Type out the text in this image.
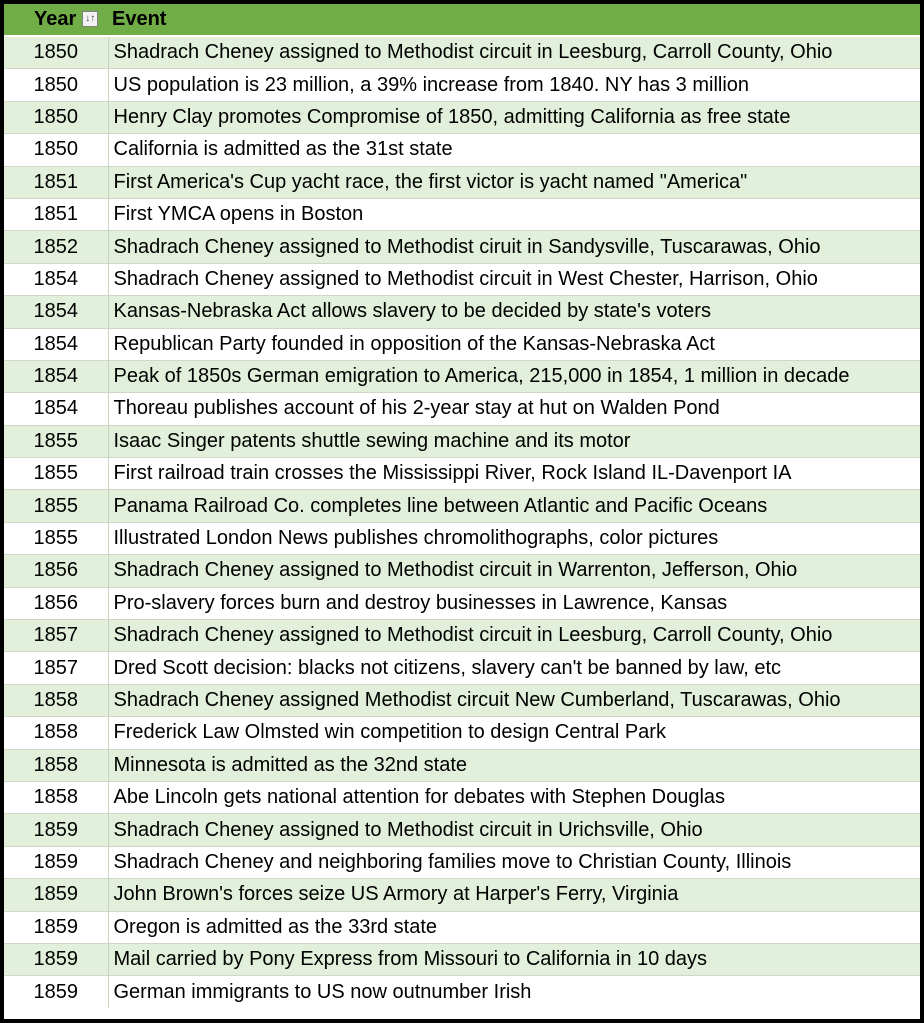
Year ↓↑	Event
1850	Shadrach Cheney assigned to Methodist circuit in Leesburg, Carroll County, Ohio
1850	US population is 23 million, a 39% increase from 1840. NY has 3 million
1850	Henry Clay promotes Compromise of 1850, admitting California as free state
1850	California is admitted as the 31st state
1851	First America's Cup yacht race, the first victor is yacht named "America"
1851	First YMCA opens in Boston
1852	Shadrach Cheney assigned to Methodist ciruit in Sandysville, Tuscarawas, Ohio
1854	Shadrach Cheney assigned to Methodist circuit in West Chester, Harrison, Ohio
1854	Kansas-Nebraska Act allows slavery to be decided by state's voters
1854	Republican Party founded in opposition of the Kansas-Nebraska Act
1854	Peak of 1850s German emigration to America, 215,000 in 1854, 1 million in decade
1854	Thoreau publishes account of his 2-year stay at hut on Walden Pond
1855	Isaac Singer patents shuttle sewing machine and its motor
1855	First railroad train crosses the Mississippi River, Rock Island IL-Davenport IA
1855	Panama Railroad Co. completes line between Atlantic and Pacific Oceans
1855	Illustrated London News publishes chromolithographs, color pictures
1856	Shadrach Cheney assigned to Methodist circuit in Warrenton, Jefferson, Ohio
1856	Pro-slavery forces burn and destroy businesses in Lawrence, Kansas
1857	Shadrach Cheney assigned to Methodist circuit in Leesburg, Carroll County, Ohio
1857	Dred Scott decision: blacks not citizens, slavery can't be banned by law, etc
1858	Shadrach Cheney assigned Methodist circuit New Cumberland, Tuscarawas, Ohio
1858	Frederick Law Olmsted win competition to design Central Park
1858	Minnesota is admitted as the 32nd state
1858	Abe Lincoln gets national attention for debates with Stephen Douglas
1859	Shadrach Cheney assigned to Methodist circuit in Urichsville, Ohio
1859	Shadrach Cheney and neighboring families move to Christian County, Illinois
1859	John Brown's forces seize US Armory at Harper's Ferry, Virginia
1859	Oregon is admitted as the 33rd state
1859	Mail carried by Pony Express from Missouri to California in 10 days
1859	German immigrants to US now outnumber Irish
